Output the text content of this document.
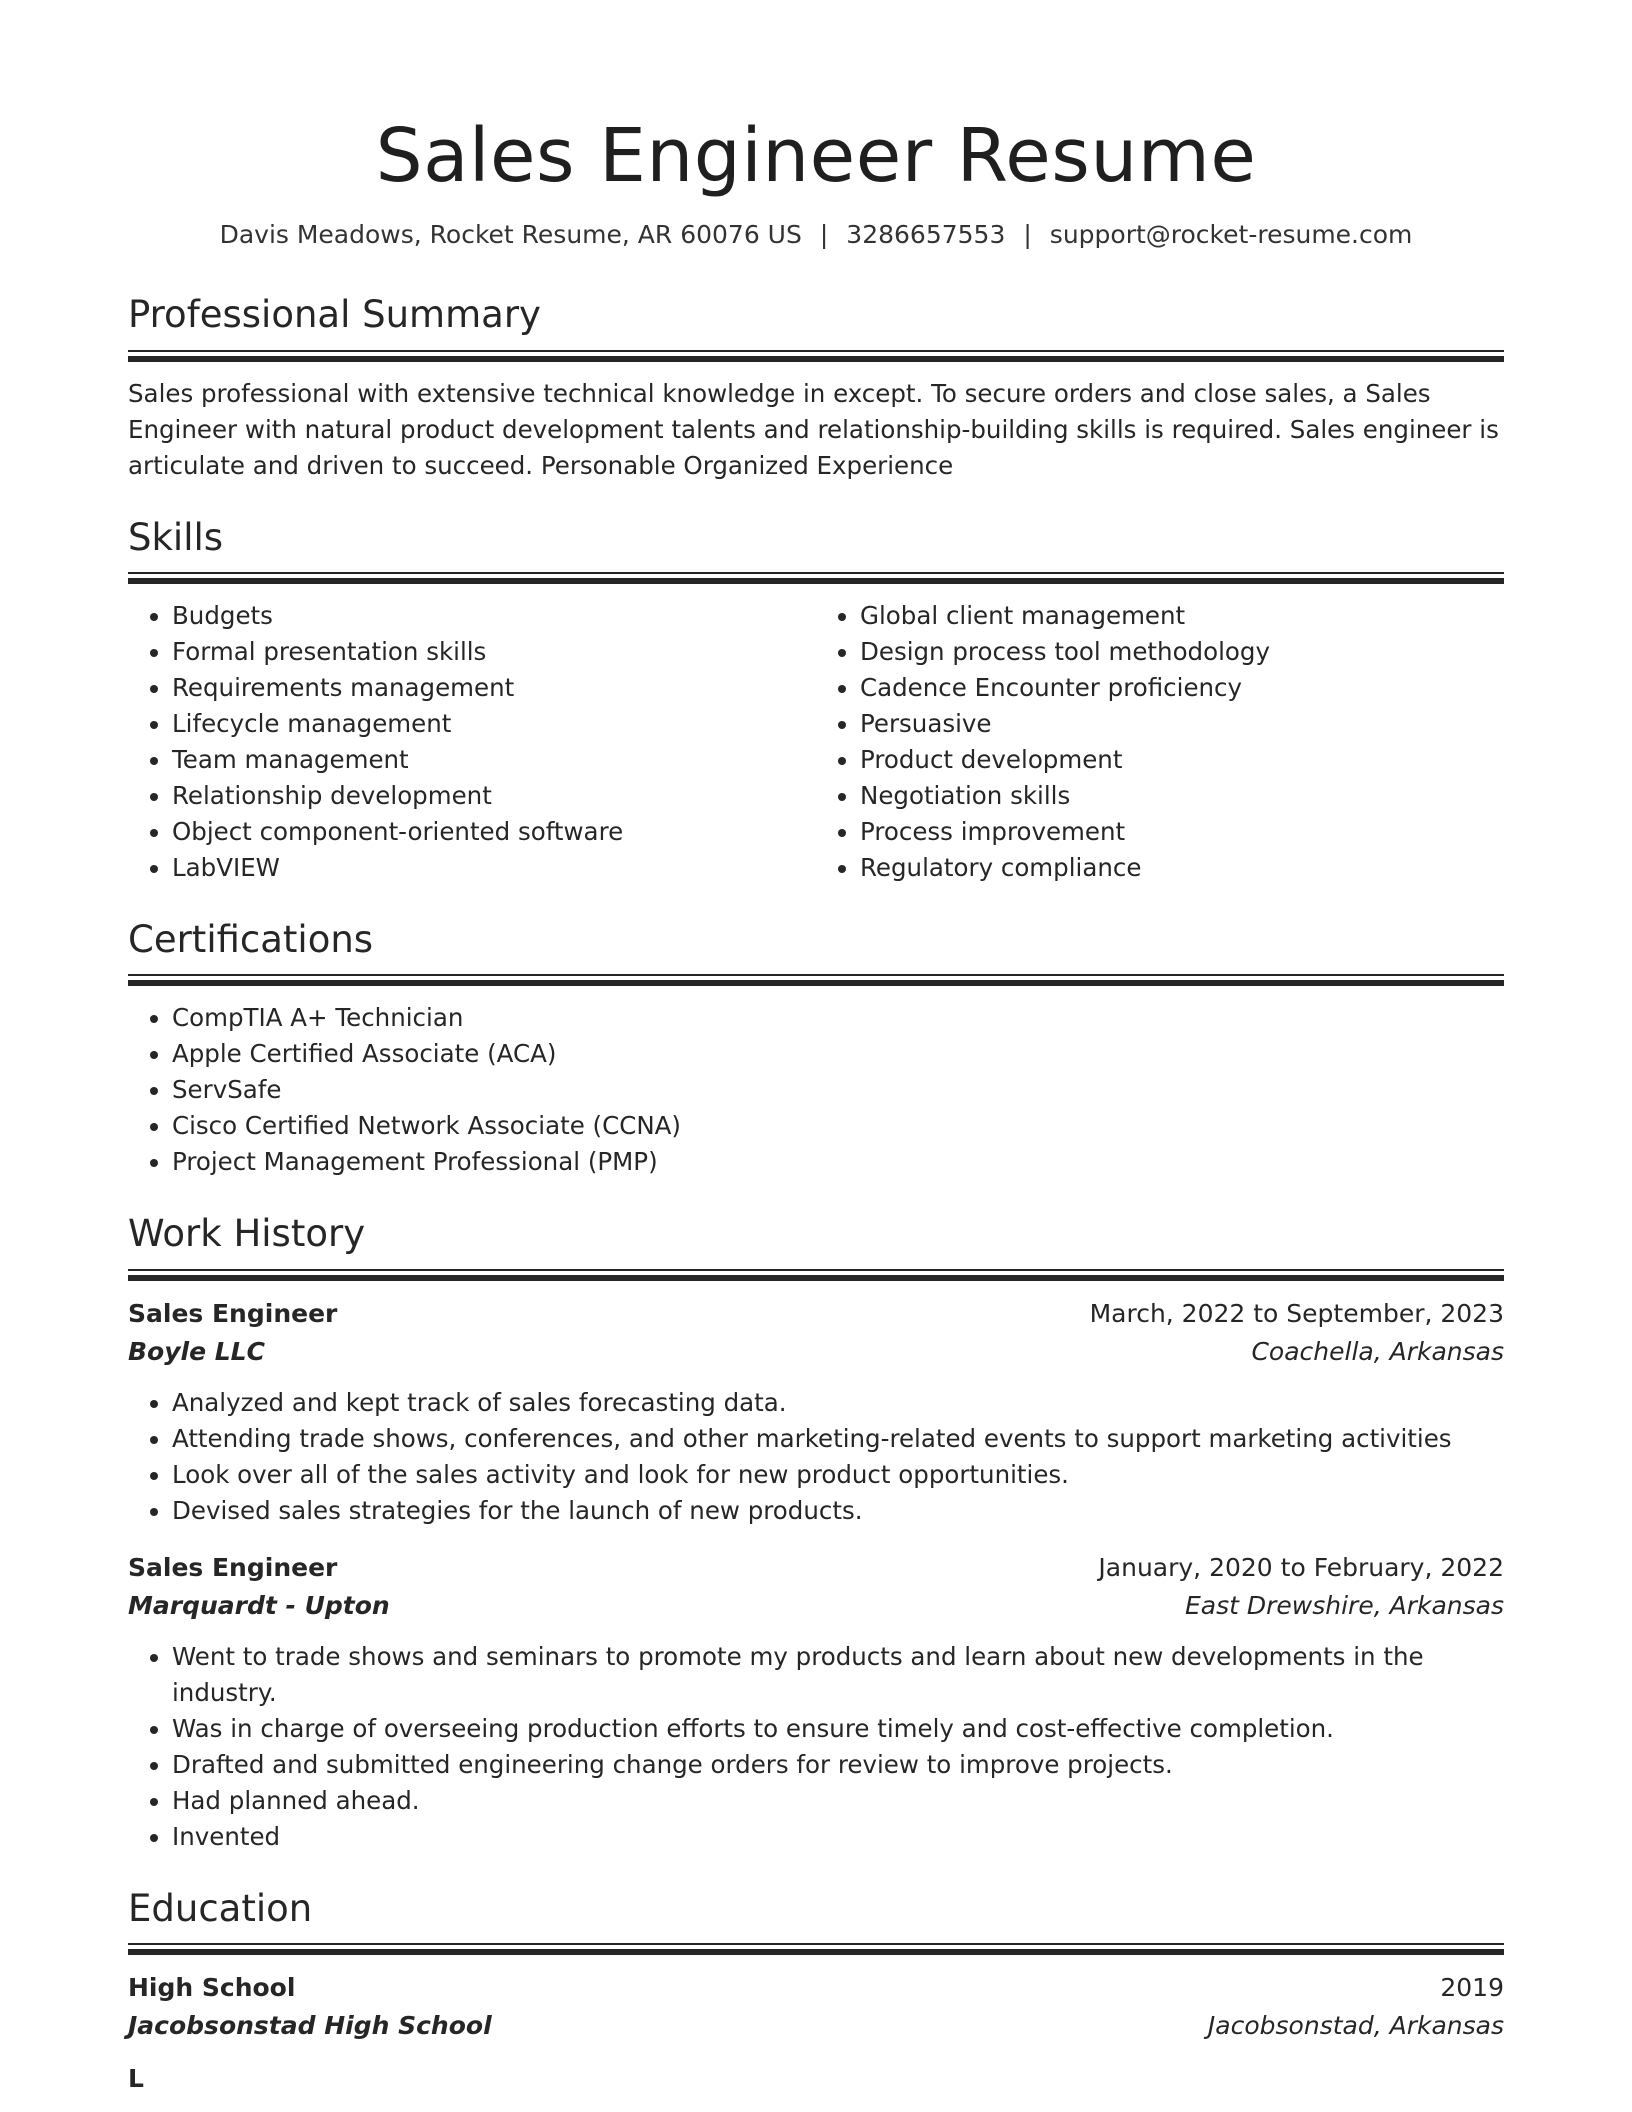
Sales Engineer Resume
Davis Meadows, Rocket Resume, AR 60076 US | 3286657553 | support@rocket-resume.com
Professional Summary

Sales professional with extensive technical knowledge in except. To secure orders and close sales, a Sales Engineer with natural product development talents and relationship-building skills is required. Sales engineer is articulate and driven to succeed. Personable Organized Experience

Skills
• Budgets
• Formal presentation skills
• Requirements management
• Lifecycle management
• Team management
• Relationship development
• Object component-oriented software
• LabVIEW
• Global client management
• Design process tool methodology
• Cadence Encounter proficiency
• Persuasive
• Product development
• Negotiation skills
• Process improvement
• Regulatory compliance
Certifications
• CompTIA A+ Technician
• Apple Certified Associate (ACA)
• ServSafe
• Cisco Certified Network Associate (CCNA)
• Project Management Professional (PMP)
Work History
Sales Engineer	March, 2022 to September, 2023
Boyle LLC	Coachella, Arkansas
• Analyzed and kept track of sales forecasting data.
• Attending trade shows, conferences, and other marketing-related events to support marketing activities
• Look over all of the sales activity and look for new product opportunities.
• Devised sales strategies for the launch of new products.
Sales Engineer	January, 2020 to February, 2022
Marquardt - Upton	East Drewshire, Arkansas
• Went to trade shows and seminars to promote my products and learn about new developments in the industry.
• Was in charge of overseeing production efforts to ensure timely and cost-effective completion.
• Drafted and submitted engineering change orders for review to improve projects.
• Had planned ahead.
• Invented
Education
High School	2019
Jacobsonstad High School	Jacobsonstad, Arkansas
L
